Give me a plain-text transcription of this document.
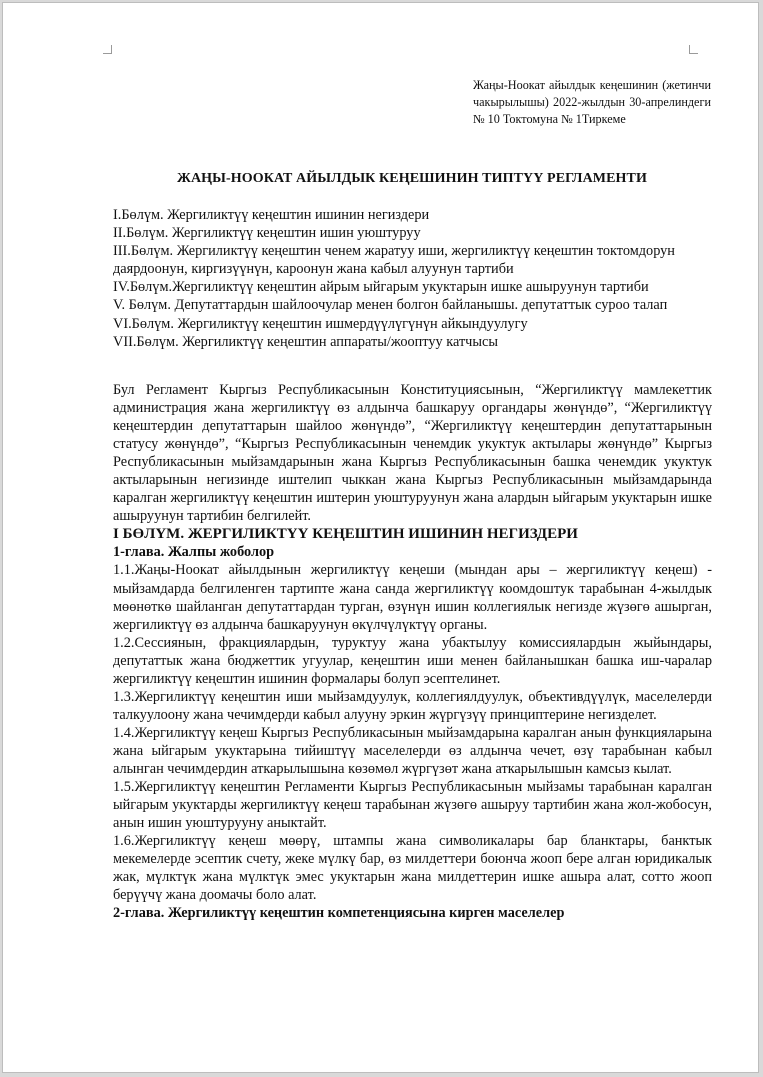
Жаңы-Ноокат айылдык кеңешинин (жетинчи чакырылышы) 2022-жылдын 30-апрелиндеги № 10 Токтомуна № 1Тиркеме
ЖАҢЫ-НООКАТ АЙЫЛДЫК КЕҢЕШИНИН ТИПТҮҮ РЕГЛАМЕНТИ
I.Бөлүм. Жергиликтүү кеңештин ишинин негиздери
II.Бөлүм. Жергиликтүү кеңештин ишин уюштуруу
III.Бөлүм. Жергиликтүү кеңештин ченем жаратуу иши, жергиликтүү кеңештин токтомдорун даярдоонун, киргизүүнүн, кароонун жана кабыл алуунун тартиби
IV.Бөлүм.Жергиликтүү кеңештин айрым ыйгарым укуктарын ишке ашыруунун тартиби
V. Бөлүм. Депутаттардын шайлоочулар менен болгон байланышы. депутаттык суроо талап
VI.Бөлүм. Жергиликтүү кеңештин ишмердүүлүгүнүн айкындуулугу
VII.Бөлүм. Жергиликтүү кеңештин аппараты/жооптуу катчысы

Бул Регламент Кыргыз Республикасынын Конституциясынын, “Жергиликтүү мамлекеттик администрация жана жергиликтүү өз алдынча башкаруу органдары жөнүндө”, “Жергиликтүү кеңештердин депутаттарын шайлоо жөнүндө”, “Жергиликтүү кеңештердин депутаттарынын статусу жөнүндө”, “Кыргыз Республикасынын ченемдик укуктук актылары жөнүндө” Кыргыз Республикасынын мыйзамдарынын жана Кыргыз Республикасынын башка ченемдик укуктук актыларынын негизинде иштелип чыккан жана Кыргыз Республикасынын мыйзамдарында каралган жергиликтүү кеңештин иштерин уюштуруунун жана алардын ыйгарым укуктарын ишке ашыруунун тартибин белгилейт.

I БӨЛҮМ. ЖЕРГИЛИКТҮҮ КЕҢЕШТИН ИШИНИН НЕГИЗДЕРИ
1-глава. Жалпы жоболор

1.1.Жаңы-Ноокат айылдынын жергиликтүү кеңеши (мындан ары – жергиликтүү кеңеш) - мыйзамдарда белгиленген тартипте жана санда жергиликтүү коомдоштук тарабынан 4-жылдык мөөнөткө шайланган депутаттардан турган, өзүнүн ишин коллегиялык негизде жүзөгө ашырган, жергиликтүү өз алдынча башкаруунун өкүлчүлүктүү органы.

1.2.Сессиянын, фракциялардын, туруктуу жана убактылуу комиссиялардын жыйындары, депутаттык жана бюджеттик угуулар, кеңештин иши менен байланышкан башка иш-чаралар жергиликтүү кеңештин ишинин формалары болуп эсептелинет.

1.3.Жергиликтүү кеңештин иши мыйзамдуулук, коллегиялдуулук, объективдүүлүк, маселелерди талкуулоону жана чечимдерди кабыл алууну эркин жүргүзүү принциптерине негизделет.

1.4.Жергиликтүү кеңеш Кыргыз Республикасынын мыйзамдарына каралган анын функцияларына жана ыйгарым укуктарына тийиштүү маселелерди өз алдынча чечет, өзү тарабынан кабыл алынган чечимдердин аткарылышына көзөмөл жүргүзөт жана аткарылышын камсыз кылат.

1.5.Жергиликтүү кеңештин Регламенти Кыргыз Республикасынын мыйзамы тарабынан каралган ыйгарым укуктарды жергиликтүү кеңеш тарабынан жүзөгө ашыруу тартибин жана жол-жобосун, анын ишин уюштурууну аныктайт.

1.6.Жергиликтүү кеңеш мөөрү, штампы жана символикалары бар бланктары, банктык мекемелерде эсептик счету, жеке мүлкү бар, өз милдеттери боюнча жооп бере алган юридикалык жак, мүлктүк жана мүлктүк эмес укуктарын жана милдеттерин ишке ашыра алат, сотто жооп берүүчү жана доомачы боло алат.

2-глава. Жергиликтүү кеңештин компетенциясына кирген маселелер
